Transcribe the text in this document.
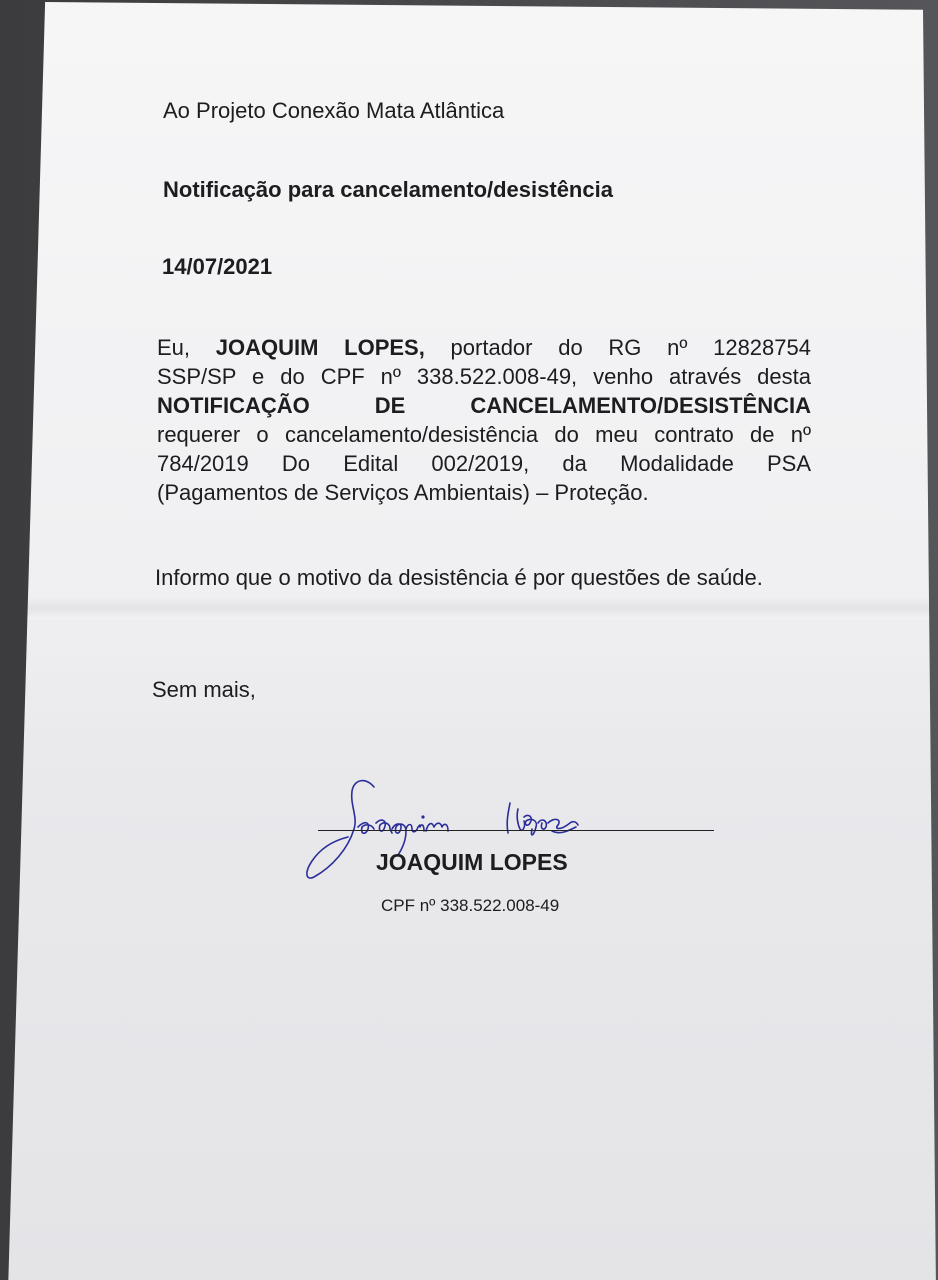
Ao Projeto Conexão Mata Atlântica

Notificação para cancelamento/desistência

14/07/2021

Eu, JOAQUIM LOPES, portador do RG nº 12828754
SSP/SP e do CPF nº 338.522.008-49, venho através desta
NOTIFICAÇÃO DE CANCELAMENTO/DESISTÊNCIA
requerer o cancelamento/desistência do meu contrato de nº
784/2019 Do Edital 002/2019, da Modalidade PSA
(Pagamentos de Serviços Ambientais) – Proteção.

Informo que o motivo da desistência é por questões de saúde.

Sem mais,

JOAQUIM LOPES

CPF nº 338.522.008-49
